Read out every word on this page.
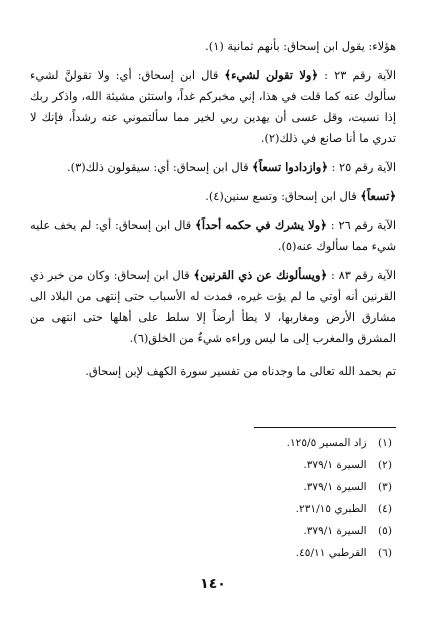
هؤلاء: يقول ابن إسحاق: بأنهم ثمانية (١).

الآية رقم ٢٣ : ﴿ولا تقولن لشيء﴾ قال ابن إسحاق: أي: ولا تقولنَّ لشيء سألوك عنه كما قلت في هذا، إني مخبركم غداً، واستثن مشيئة الله، واذكر ربك إذا نسيت، وقل عسى أن يهدين ربي لخير مما سألتموني عنه رشداً، فإنك لا تدري ما أنا صانع في ذلك(٢).

الآية رقم ٢٥ : ﴿وازدادوا تسعاً﴾ قال ابن إسحاق: أي: سيقولون ذلك(٣).

﴿تسعاً﴾ قال ابن إسحاق: وتسع سنين(٤).

الآية رقم ٢٦ : ﴿ولا يشرك في حكمه أحداً﴾ قال ابن إسحاق: أي: لم يخف عليه شيء مما سألوك عنه(٥).

الآية رقم ٨٣ : ﴿ويسألونك عن ذي القرنين﴾ قال ابن إسحاق: وكان من خبر ذي القرنين أنه أوتي ما لم يؤت غيره، فمدت له الأسباب حتى إنتهى من البلاد الى مشارق الأرض ومغاربها، لا يطأ أرضاً إلا سلط على أهلها حتى انتهى من المشرق والمغرب إلى ما ليس وراءه شيءٌ من الخلق(٦).

تم بحمد الله تعالى ما وجدناه من تفسير سورة الكهف لإبن إسحاق.

(١) زاد المسير ١٢٥/٥.
(٢) السيرة ٣٧٩/١.
(٣) السيرة ٣٧٩/١.
(٤) الطبري ٢٣١/١٥.
(٥) السيرة ٣٧٩/١.
(٦) القرطبي ٤٥/١١.
١٤٠
